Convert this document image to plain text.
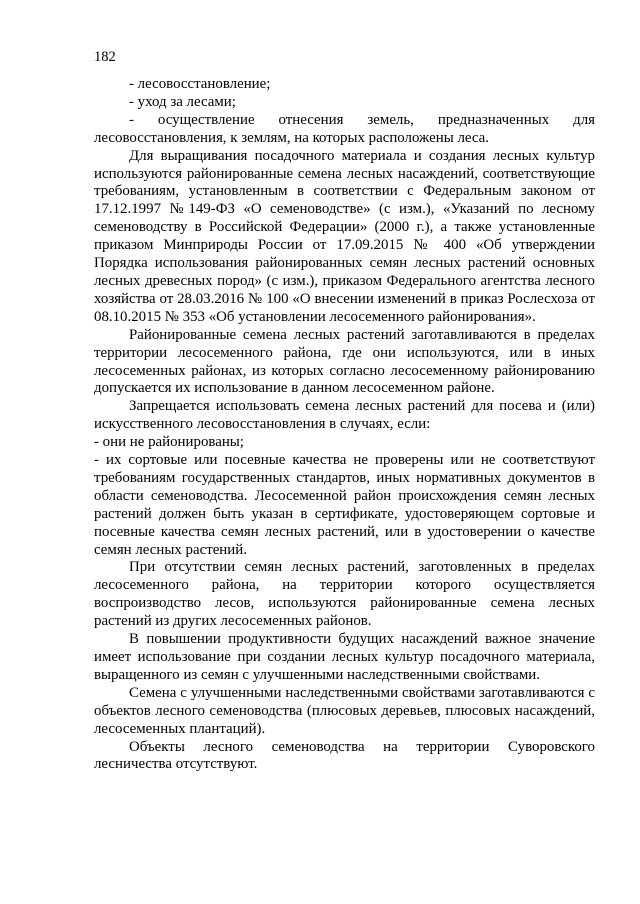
182

- лесовосстановление;

- уход за лесами;

- осуществление отнесения земель, предназначенных для лесовосстановления, к землям, на которых расположены леса.

Для выращивания посадочного материала и создания лесных культур используются районированные семена лесных насаждений, соответствующие требованиям, установленным в соответствии с Федеральным законом от 17.12.1997 №149-ФЗ «О семеноводстве» (с изм.), «Указаний по лесному семеноводству в Российской Федерации» (2000 г.), а также установленные приказом Минприроды России от 17.09.2015 № 400 «Об утверждении Порядка использования районированных семян лесных растений основных лесных древесных пород» (с изм.), приказом Федерального агентства лесного хозяйства от 28.03.2016 № 100 «О внесении изменений в приказ Рослесхоза от 08.10.2015 № 353 «Об установлении лесосеменного районирования».

Районированные семена лесных растений заготавливаются в пределах территории лесосеменного района, где они используются, или в иных лесосеменных районах, из которых согласно лесосеменному районированию допускается их использование в данном лесосеменном районе.

Запрещается использовать семена лесных растений для посева и (или) искусственного лесовосстановления в случаях, если:

- они не районированы;

- их сортовые или посевные качества не проверены или не соответствуют требованиям государственных стандартов, иных нормативных документов в области семеноводства. Лесосеменной район происхождения семян лесных растений должен быть указан в сертификате, удостоверяющем сортовые и посевные качества семян лесных растений, или в удостоверении о качестве семян лесных растений.

При отсутствии семян лесных растений, заготовленных в пределах лесосеменного района, на территории которого осуществляется воспроизводство лесов, используются районированные семена лесных растений из других лесосеменных районов.

В повышении продуктивности будущих насаждений важное значение имеет использование при создании лесных культур посадочного материала, выращенного из семян с улучшенными наследственными свойствами.

Семена с улучшенными наследственными свойствами заготавливаются с объектов лесного семеноводства (плюсовых деревьев, плюсовых насаждений, лесосеменных плантаций).

Объекты лесного семеноводства на территории Суворовского лесничества отсутствуют.
